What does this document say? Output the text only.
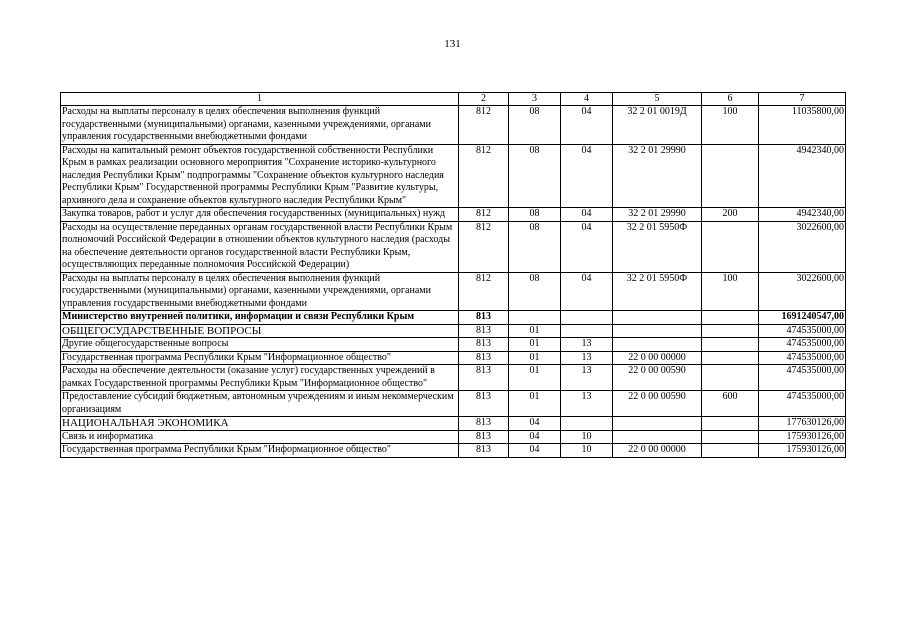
131
1	2	3	4	5	6	7
Расходы на выплаты персоналу в целях обеспечения выполнения функций государственными (муниципальными) органами, казенными учреждениями, органами управления государственными внебюджетными фондами	812	08	04	32 2 01 0019Д	100	11035800,00
Расходы на капитальный ремонт объектов государственной собственности Республики Крым в рамках реализации основного мероприятия "Сохранение историко-культурного наследия Республики Крым" подпрограммы "Сохранение объектов культурного наследия Республики Крым" Государственной программы Республики Крым "Развитие культуры, архивного дела и сохранение объектов культурного наследия Республики Крым"	812	08	04	32 2 01 29990		4942340,00
Закупка товаров, работ и услуг для обеспечения государственных (муниципальных) нужд	812	08	04	32 2 01 29990	200	4942340,00
Расходы на осуществление переданных органам государственной власти Республики Крым полномочий Российской Федерации в отношении объектов культурного наследия (расходы на обеспечение деятельности органов государственной власти Республики Крым, осуществляющих переданные полномочия Российской Федерации)	812	08	04	32 2 01 5950Ф		3022600,00
Расходы на выплаты персоналу в целях обеспечения выполнения функций государственными (муниципальными) органами, казенными учреждениями, органами управления государственными внебюджетными фондами	812	08	04	32 2 01 5950Ф	100	3022600,00
Министерство внутренней политики, информации и связи Республики Крым	813					1691240547,00
ОБЩЕГОСУДАРСТВЕННЫЕ ВОПРОСЫ	813	01				474535000,00
Другие общегосударственные вопросы	813	01	13			474535000,00
Государственная программа Республики Крым "Информационное общество"	813	01	13	22 0 00 00000		474535000,00
Расходы на обеспечение деятельности (оказание услуг) государственных учреждений в рамках Государственной программы Республики Крым "Информационное общество"	813	01	13	22 0 00 00590		474535000,00
Предоставление субсидий бюджетным, автономным учреждениям и иным некоммерческим организациям	813	01	13	22 0 00 00590	600	474535000,00
НАЦИОНАЛЬНАЯ ЭКОНОМИКА	813	04				177630126,00
Связь и информатика	813	04	10			175930126,00
Государственная программа Республики Крым "Информационное общество"	813	04	10	22 0 00 00000		175930126,00
